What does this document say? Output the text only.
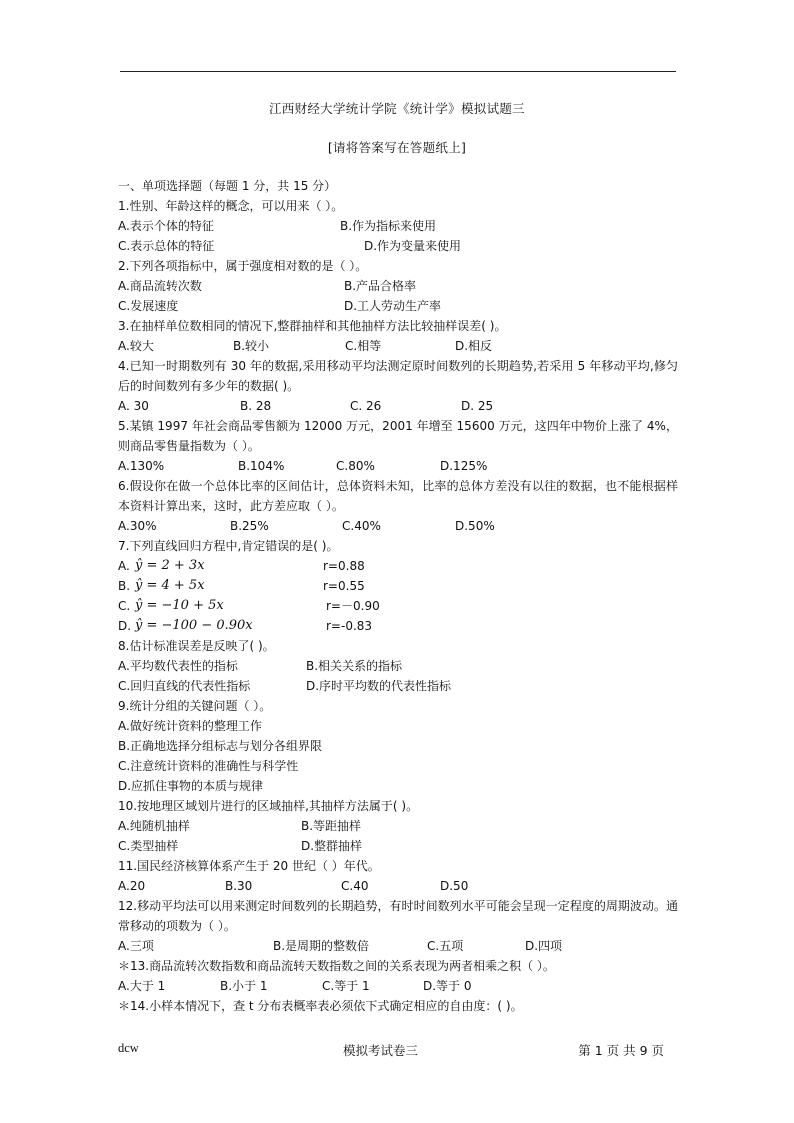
江西财经大学统计学院《统计学》模拟试题三
[请将答案写在答题纸上]
一、单项选择题（每题 1 分，共 15 分）
1.性别、年龄这样的概念，可以用来（ ）。
A.表示个体的特征	B.作为指标来使用
C.表示总体的特征	D.作为变量来使用
2.下列各项指标中，属于强度相对数的是（ ）。
A.商品流转次数	B.产品合格率
C.发展速度	D.工人劳动生产率
3.在抽样单位数相同的情况下,整群抽样和其他抽样方法比较抽样误差( )。
A.较大	B.较小	C.相等	D.相反
4.已知一时期数列有 30 年的数据,采用移动平均法测定原时间数列的长期趋势,若采用 5 年移动平均,修匀后的时间数列有多少年的数据( )。
A. 30	B. 28	C. 26	D. 25
5.某镇 1997 年社会商品零售额为 12000 万元，2001 年增至 15600 万元，这四年中物价上涨了 4%，则商品零售量指数为（ ）。
A.130%	B.104%	C.80%	D.125%
6.假设你在做一个总体比率的区间估计，总体资料未知，比率的总体方差没有以往的数据，也不能根据样本资料计算出来，这时，此方差应取（ ）。
A.30%	B.25%	C.40%	D.50%
7.下列直线回归方程中,肯定错误的是( )。
A. ŷ = 2 + 3x	r=0.88
B. ŷ = 4 + 5x	r=0.55
C. ŷ = −10 + 5x	r=－0.90
D. ŷ = −100 − 0.90x	r=-0.83
8.估计标准误差是反映了( )。
A.平均数代表性的指标	B.相关关系的指标
C.回归直线的代表性指标	D.序时平均数的代表性指标
9.统计分组的关键问题（ ）。
A.做好统计资料的整理工作
B.正确地选择分组标志与划分各组界限
C.注意统计资料的准确性与科学性
D.应抓住事物的本质与规律
10.按地理区域划片进行的区域抽样,其抽样方法属于( )。
A.纯随机抽样	B.等距抽样
C.类型抽样	D.整群抽样
11.国民经济核算体系产生于 20 世纪（ ）年代。
A.20	B.30	C.40	D.50
12.移动平均法可以用来测定时间数列的长期趋势，有时时间数列水平可能会呈现一定程度的周期波动。通常移动的项数为（ ）。
A.三项	B.是周期的整数倍	C.五项	D.四项
＊13.商品流转次数指数和商品流转天数指数之间的关系表现为两者相乘之积（ ）。
A.大于 1	B.小于 1	C.等于 1	D.等于 0
＊14.小样本情况下，查 t 分布表概率表必须依下式确定相应的自由度：( )。
dcw	模拟考试卷三	第 1 页 共 9 页
